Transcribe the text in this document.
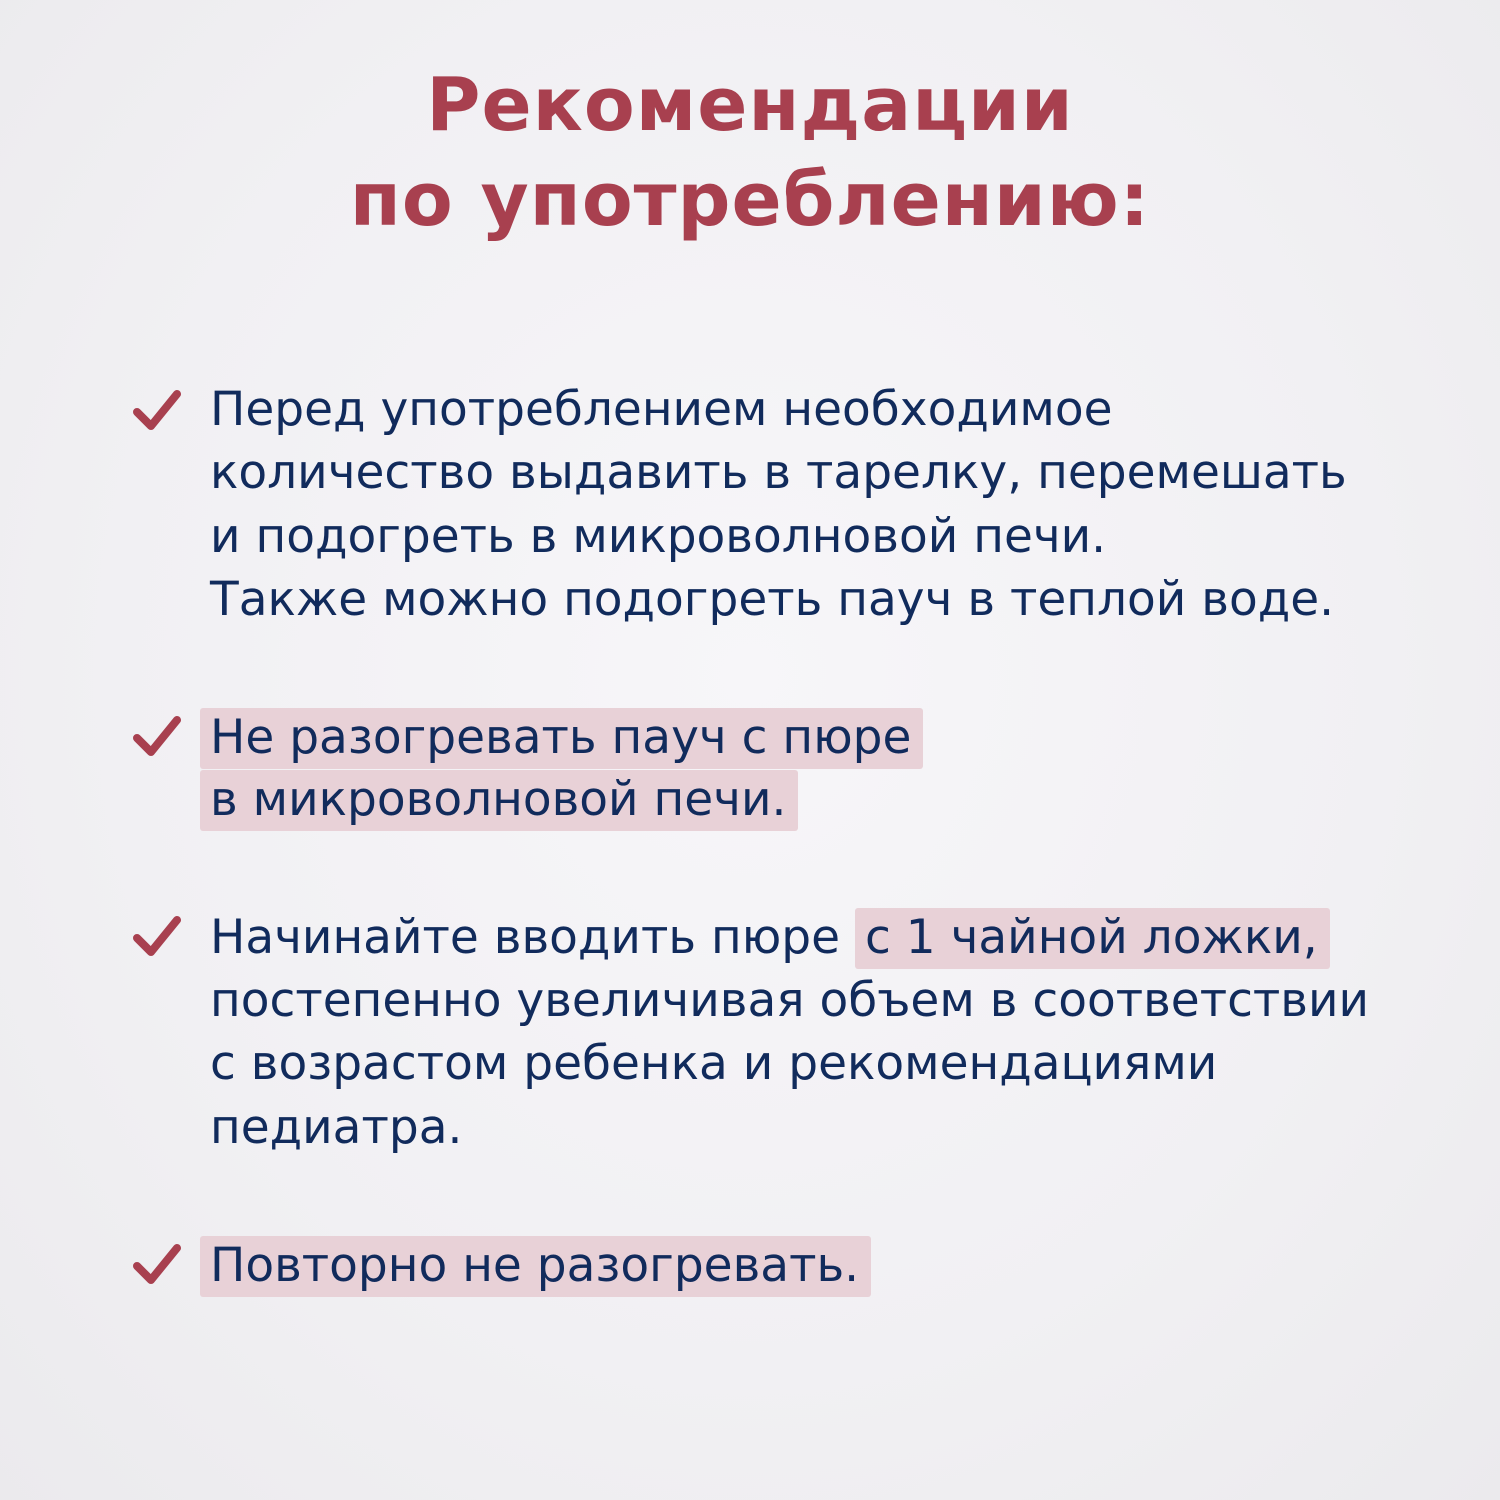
Рекомендации
по употреблению:
Перед употреблением необходимое
количество выдавить в тарелку, перемешать
и подогреть в микроволновой печи.
Также можно подогреть пауч в теплой воде.
Не разогревать пауч с пюре
в микроволновой печи.
Начинайте вводить пюре с 1 чайной ложки,
постепенно увеличивая объем в соответствии
с возрастом ребенка и рекомендациями
педиатра.
Повторно не разогревать.
